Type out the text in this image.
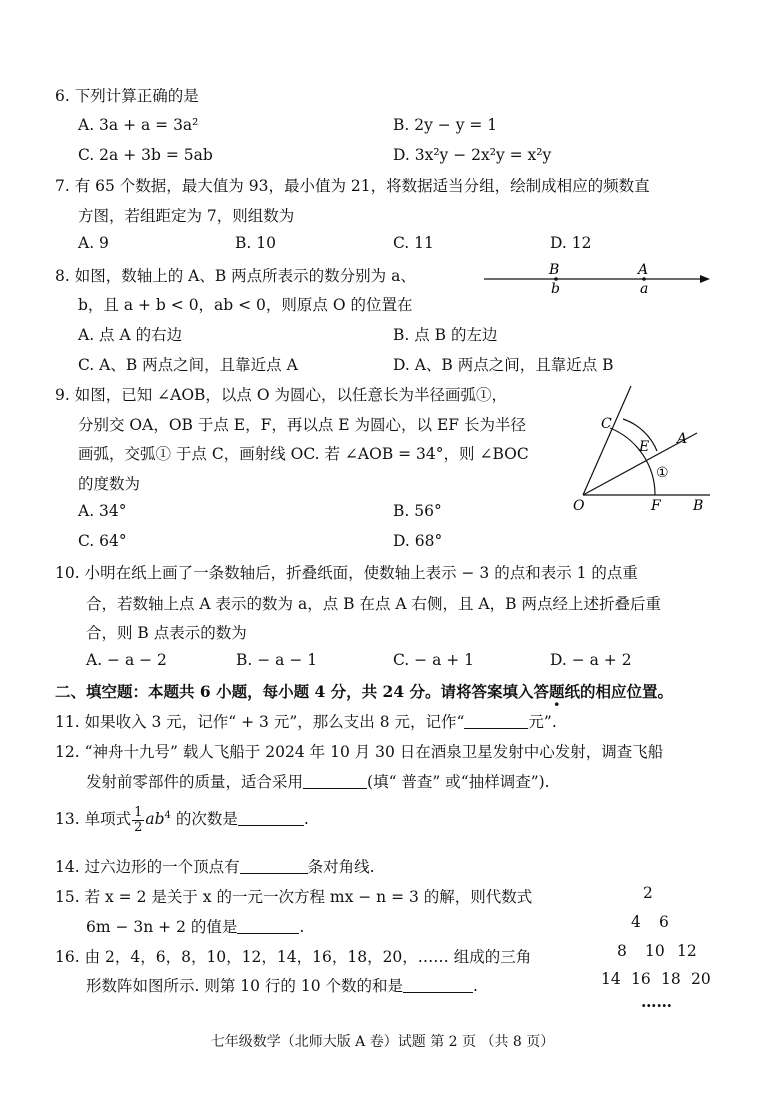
6. 下列计算正确的是
A. 3a + a = 3a²	B. 2y − y = 1
C. 2a + 3b = 5ab	D. 3x²y − 2x²y = x²y
7. 有 65 个数据，最大值为 93，最小值为 21，将数据适当分组，绘制成相应的频数直
方图，若组距定为 7，则组数为
A. 9	B. 10	C. 11	D. 12
8. 如图，数轴上的 A、B 两点所表示的数分别为 a、
b，且 a + b < 0，ab < 0，则原点 O 的位置在
A. 点 A 的右边	B. 点 B 的左边
C. A、B 两点之间，且靠近点 A	D. A、B 两点之间，且靠近点 B
B	A
b	a
9. 如图，已知 ∠AOB，以点 O 为圆心，以任意长为半径画弧①，
分别交 OA，OB 于点 E，F，再以点 E 为圆心，以 EF 长为半径
画弧，交弧① 于点 C，画射线 OC. 若 ∠AOB = 34°，则 ∠BOC
的度数为
A. 34°	B. 56°
C. 64°	D. 68°
C
E A
①
O	F B
10. 小明在纸上画了一条数轴后，折叠纸面，使数轴上表示 − 3 的点和表示 1 的点重
合，若数轴上点 A 表示的数为 a，点 B 在点 A 右侧，且 A，B 两点经上述折叠后重
合，则 B 点表示的数为
A. − a − 2	B. − a − 1	C. − a + 1	D. − a + 2
二、填空题：本题共 6 小题，每小题 4 分，共 24 分。请将答案填入答题纸的相应位置。
11. 如果收入 3 元，记作“ + 3 元”，那么支出 8 元，记作“	元”.
12. “神舟十九号” 载人飞船于 2024 年 10 月 30 日在酒泉卫星发射中心发射，调查飞船
发射前零部件的质量，适合采用	(填“ 普查” 或“抽样调查”).
13. 单项式 $\frac{1}{2} ab^4$ 的次数是	.
14. 过六边形的一个顶点有	条对角线.
15. 若 x = 2 是关于 x 的一元一次方程 mx − n = 3 的解，则代数式
6m − 3n + 2 的值是	.
16. 由 2，4，6，8，10，12，14，16，18，20，…… 组成的三角
形数阵如图所示. 则第 10 行的 10 个数的和是	.
2
4 6
8 10 12
14 16 18 20
……
七年级数学（北师大版 A 卷）试题 第 2 页 （共 8 页）
